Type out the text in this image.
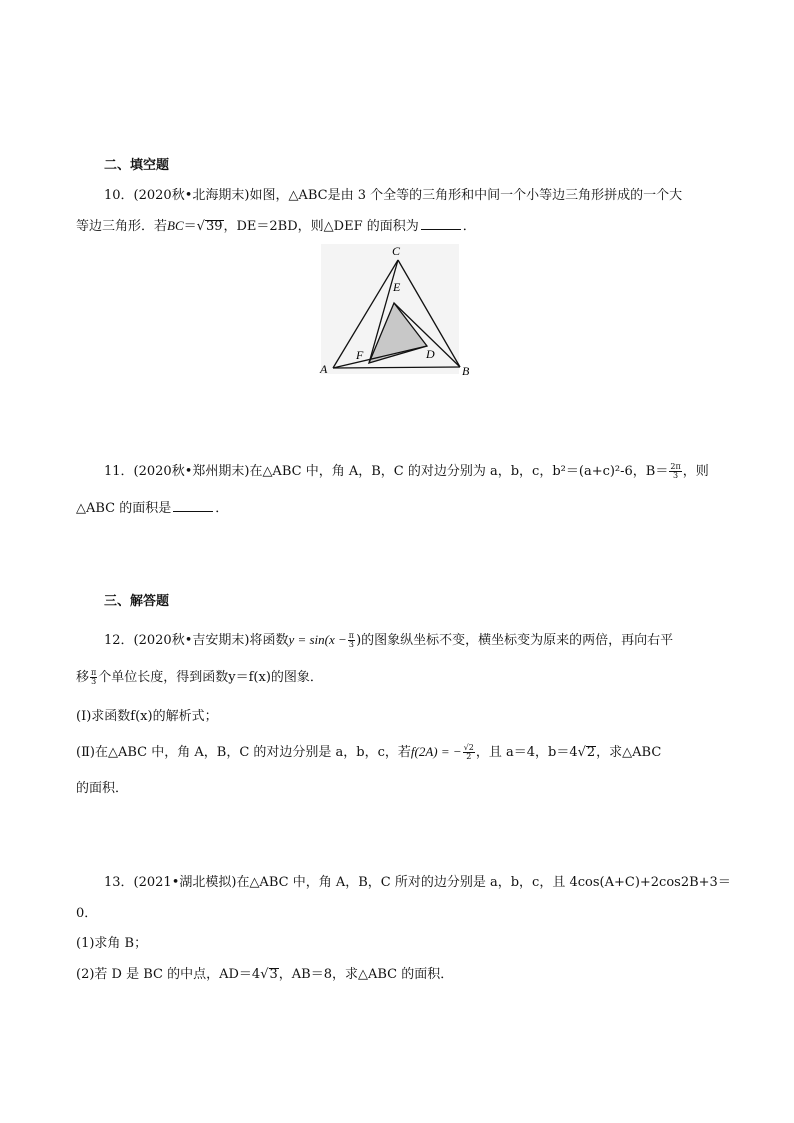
二、填空题
10．(2020秋•北海期末)如图，△ABC是由 3 个全等的三角形和中间一个小等边三角形拼成的一个大
等边三角形．若BC＝√39，DE＝2BD，则△DEF 的面积为	．
C
E
F	D
A	B
11．(2020秋•郑州期末)在△ABC 中，角 A，B，C 的对边分别为 a，b，c，b²＝(a+c)²-6，$B= \frac{2\pi}{3}$ ，则
△ABC 的面积是	．
三、解答题
12．(2020秋•吉安期末)将函数$y = \sin(x - \frac{\pi}{3}$ )的图象纵坐标不变，横坐标变为原来的两倍，再向右平
移 $\frac{\pi}{3}$ 个单位长度，得到函数y＝f(x)的图象．
(Ⅰ)求函数f(x)的解析式；
(Ⅱ)在△ABC 中，角 A，B，C 的对边分别是 a，b，c，若f(2A) = − $\frac{√2}{2}$ ，且 a＝4，b＝4√2，求△ABC
的面积．
13．(2021•湖北模拟)在△ABC 中，角 A，B，C 所对的边分别是 a，b，c，且 4cos(A+C)+2cos2B+3＝
0．
(1)求角 B；
(2)若 D 是 BC 的中点，AD＝4√3，AB＝8，求△ABC 的面积．
